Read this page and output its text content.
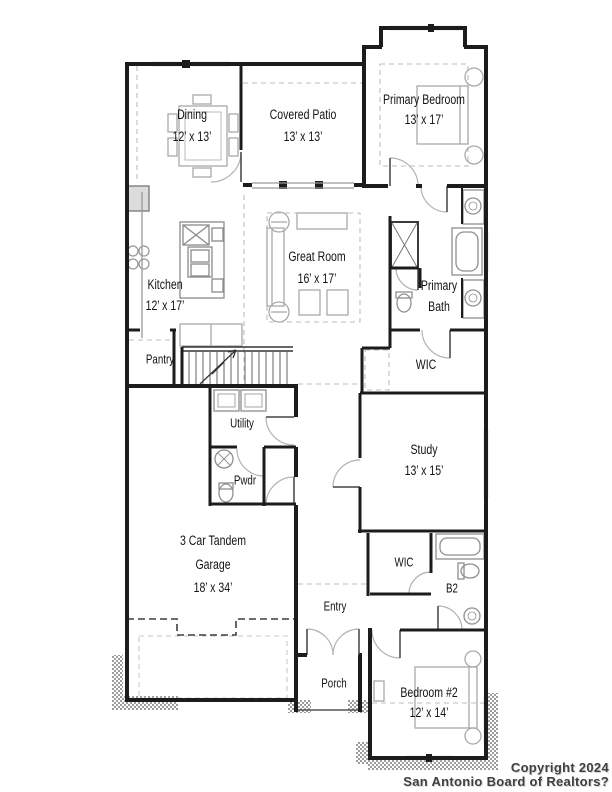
Dining
12’ x 13’
Covered Patio
13’ x 13’
Primary Bedroom
13’ x 17’
Kitchen
12’ x 17’
Great Room
16’ x 17’
Pantry
Utility
Pwdr
Primary
Bath
WIC
Study
13’ x 15’
3 Car Tandem
Garage
18’ x 34’
Entry
WIC
B2
Porch
Bedroom #2
12’ x 14’
Copyright 2024
San Antonio Board of Realtors?
